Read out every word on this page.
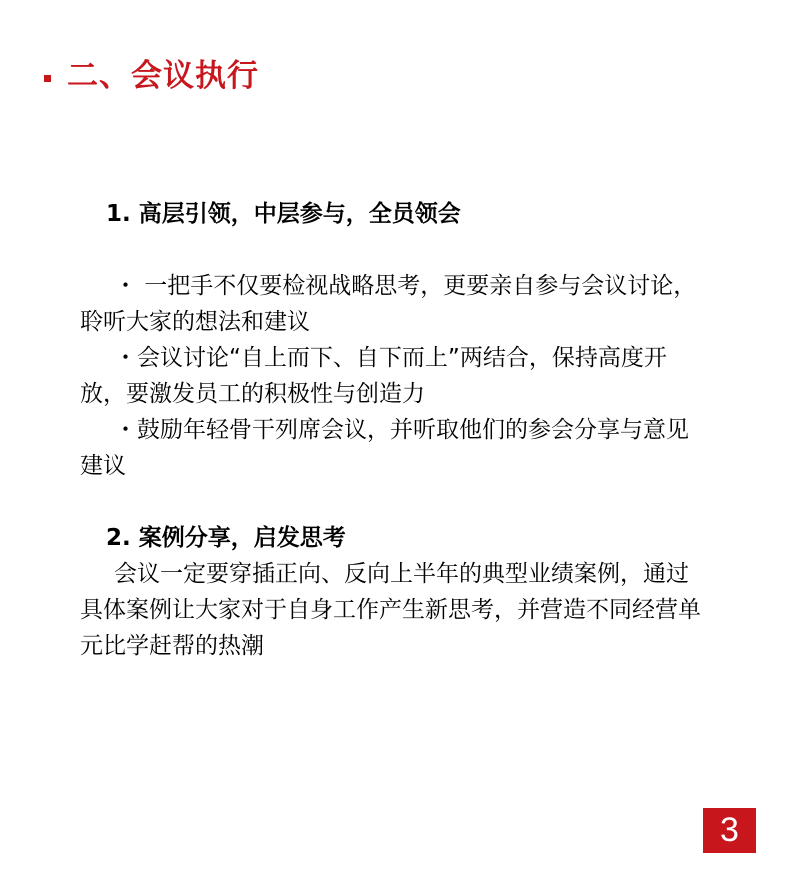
二、会议执行

1. 高层引领，中层参与，全员领会

・ 一把手不仅要检视战略思考，更要亲自参与会议讨论，聆听大家的想法和建议

・会议讨论“自上而下、自下而上”两结合，保持高度开放，要激发员工的积极性与创造力

・鼓励年轻骨干列席会议，并听取他们的参会分享与意见建议

2. 案例分享，启发思考

会议一定要穿插正向、反向上半年的典型业绩案例，通过具体案例让大家对于自身工作产生新思考，并营造不同经营单元比学赶帮的热潮

3
